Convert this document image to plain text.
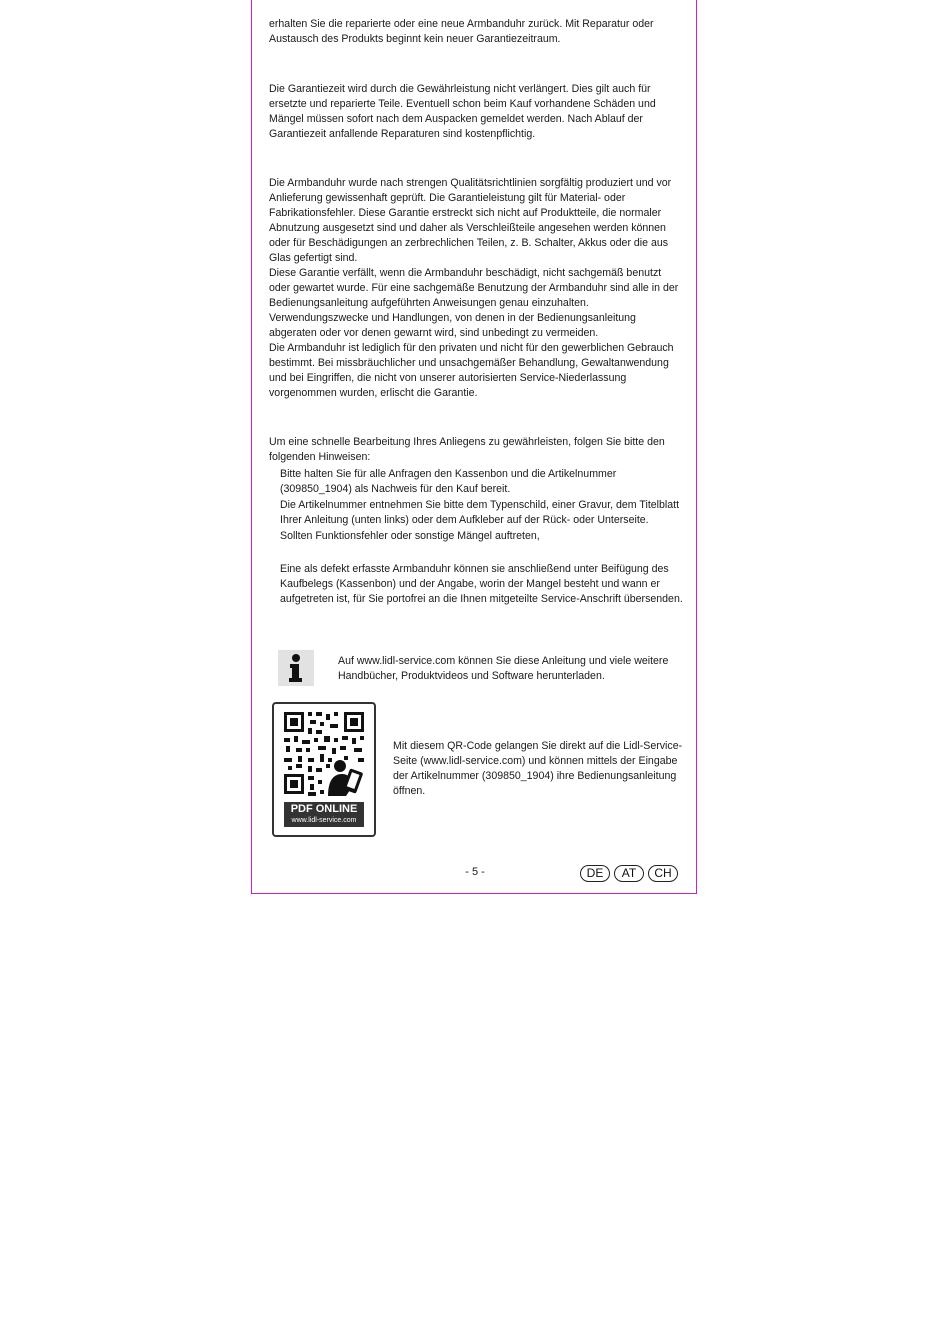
erhalten Sie die reparierte oder eine neue Armbanduhr zurück. Mit Reparatur oder Austausch des Produkts beginnt kein neuer Garantiezeitraum.

Die Garantiezeit wird durch die Gewährleistung nicht verlängert. Dies gilt auch für ersetzte und reparierte Teile. Eventuell schon beim Kauf vorhandene Schäden und Mängel müssen sofort nach dem Auspacken gemeldet werden. Nach Ablauf der Garantiezeit anfallende Reparaturen sind kostenpflichtig.

Die Armbanduhr wurde nach strengen Qualitätsrichtlinien sorgfältig produziert und vor Anlieferung gewissenhaft geprüft. Die Garantieleistung gilt für Material- oder Fabrikationsfehler. Diese Garantie erstreckt sich nicht auf Produktteile, die normaler Abnutzung ausgesetzt sind und daher als Verschleißteile angesehen werden können oder für Beschädigungen an zerbrechlichen Teilen, z. B. Schalter, Akkus oder die aus Glas gefertigt sind.

Diese Garantie verfällt, wenn die Armbanduhr beschädigt, nicht sachgemäß benutzt oder gewartet wurde. Für eine sachgemäße Benutzung der Armbanduhr sind alle in der Bedienungsanleitung aufgeführten Anweisungen genau einzuhalten. Verwendungszwecke und Handlungen, von denen in der Bedienungsanleitung abgeraten oder vor denen gewarnt wird, sind unbedingt zu vermeiden.

Die Armbanduhr ist lediglich für den privaten und nicht für den gewerblichen Gebrauch bestimmt. Bei missbräuchlicher und unsachgemäßer Behandlung, Gewaltanwendung und bei Eingriffen, die nicht von unserer autorisierten Service-Niederlassung vorgenommen wurden, erlischt die Garantie.

Um eine schnelle Bearbeitung Ihres Anliegens zu gewährleisten, folgen Sie bitte den folgenden Hinweisen:

Bitte halten Sie für alle Anfragen den Kassenbon und die Artikelnummer (309850_1904) als Nachweis für den Kauf bereit.

Die Artikelnummer entnehmen Sie bitte dem Typenschild, einer Gravur, dem Titelblatt Ihrer Anleitung (unten links) oder dem Aufkleber auf der Rück- oder Unterseite.

Sollten Funktionsfehler oder sonstige Mängel auftreten,

Eine als defekt erfasste Armbanduhr können sie anschließend unter Beifügung des Kaufbelegs (Kassenbon) und der Angabe, worin der Mangel besteht und wann er aufgetreten ist, für Sie portofrei an die Ihnen mitgeteilte Service-Anschrift übersenden.

Auf www.lidl-service.com können Sie diese Anleitung und viele weitere Handbücher, Produktvideos und Software herunterladen.
PDF ONLINE
www.lidl-service.com
Mit diesem QR-Code gelangen Sie direkt auf die Lidl-Service-Seite (www.lidl-service.com) und können mittels der Eingabe der Artikelnummer (309850_1904) ihre Bedienungsanleitung öffnen.
- 5 -	DE	AT	CH
